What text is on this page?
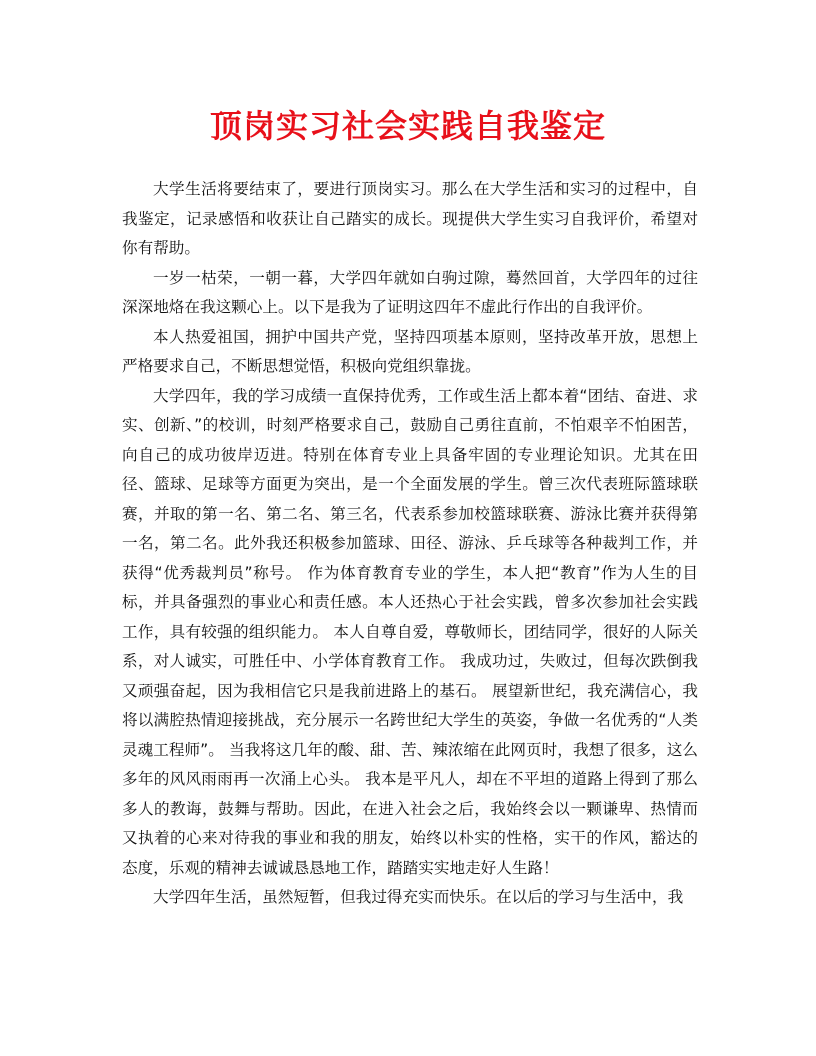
顶岗实习社会实践自我鉴定

大学生活将要结束了，要进行顶岗实习。那么在大学生活和实习的过程中，自我鉴定，记录感悟和收获让自己踏实的成长。现提供大学生实习自我评价，希望对你有帮助。

一岁一枯荣，一朝一暮，大学四年就如白驹过隙，蓦然回首，大学四年的过往深深地烙在我这颗心上。以下是我为了证明这四年不虚此行作出的自我评价。

本人热爱祖国，拥护中国共产党，坚持四项基本原则，坚持改革开放，思想上严格要求自己，不断思想觉悟，积极向党组织靠拢。

大学四年，我的学习成绩一直保持优秀，工作或生活上都本着“团结、奋进、求实、创新、”的校训，时刻严格要求自己，鼓励自己勇往直前，不怕艰辛不怕困苦，向自己的成功彼岸迈进。特别在体育专业上具备牢固的专业理论知识。尤其在田径、篮球、足球等方面更为突出，是一个全面发展的学生。曾三次代表班际篮球联赛，并取的第一名、第二名、第三名，代表系参加校篮球联赛、游泳比赛并获得第一名，第二名。此外我还积极参加篮球、田径、游泳、乒乓球等各种裁判工作，并获得“优秀裁判员”称号。 作为体育教育专业的学生，本人把“教育”作为人生的目标，并具备强烈的事业心和责任感。本人还热心于社会实践，曾多次参加社会实践工作，具有较强的组织能力。 本人自尊自爱，尊敬师长，团结同学，很好的人际关系，对人诚实，可胜任中、小学体育教育工作。 我成功过，失败过，但每次跌倒我又顽强奋起，因为我相信它只是我前进路上的基石。 展望新世纪，我充满信心，我将以满腔热情迎接挑战，充分展示一名跨世纪大学生的英姿，争做一名优秀的“人类灵魂工程师”。 当我将这几年的酸、甜、苦、辣浓缩在此网页时，我想了很多，这么多年的风风雨雨再一次涌上心头。 我本是平凡人，却在不平坦的道路上得到了那么多人的教诲，鼓舞与帮助。因此，在进入社会之后，我始终会以一颗谦卑、热情而又执着的心来对待我的事业和我的朋友，始终以朴实的性格，实干的作风，豁达的态度，乐观的精神去诚诚恳恳地工作，踏踏实实地走好人生路！

大学四年生活，虽然短暂，但我过得充实而快乐。在以后的学习与生活中，我
